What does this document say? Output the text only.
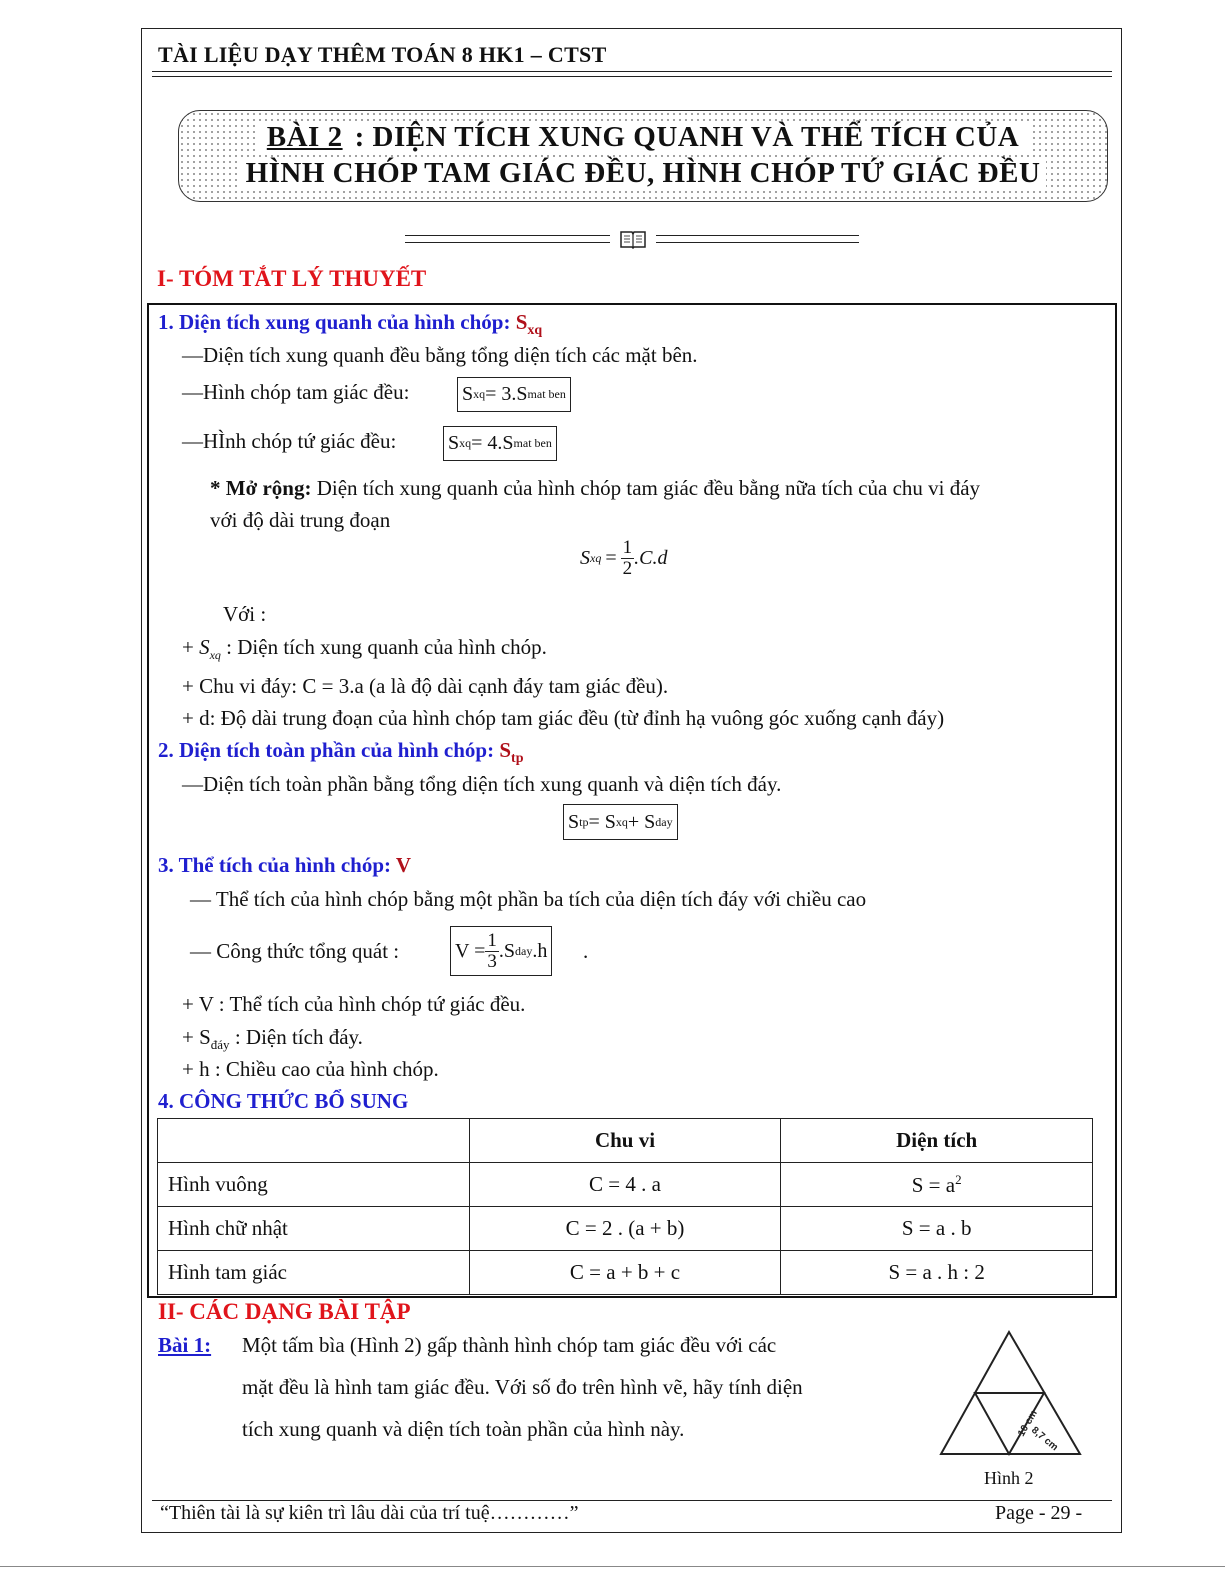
TÀI LIỆU DẠY THÊM TOÁN 8 HK1 – CTST
BÀI 2 : DIỆN TÍCH XUNG QUANH VÀ THỂ TÍCH CỦA
HÌNH CHÓP TAM GIÁC ĐỀU, HÌNH CHÓP TỨ GIÁC ĐỀU
I- TÓM TẮT LÝ THUYẾT
1. Diện tích xung quanh của hình chóp: $S_{xq}$
—Diện tích xung quanh đều bằng tổng diện tích các mặt bên.
—Hình chóp tam giác đều:	S xq = 3.S mat ben
—HÌnh chóp tứ giác đều:	S xq = 4.S mat ben
* Mở rộng: Diện tích xung quanh của hình chóp tam giác đều bằng nữa tích của chu vi đáy
với độ dài trung đoạn
S xq = $\frac{1}{2} .C.d$
Với :
+ $S_{xq}$ : Diện tích xung quanh của hình chóp.
+ Chu vi đáy: C = 3.a (a là độ dài cạnh đáy tam giác đều).
+ d: Độ dài trung đoạn của hình chóp tam giác đều (từ đỉnh hạ vuông góc xuống cạnh đáy)
2. Diện tích toàn phần của hình chóp: $S_{tp}$
—Diện tích toàn phần bằng tổng diện tích xung quanh và diện tích đáy.
S tp = S xq + S day
3. Thể tích của hình chóp: V
— Thể tích của hình chóp bằng một phần ba tích của diện tích đáy với chiều cao
— Công thức tổng quát :	$V = \frac{1}{3} .S$ day .h .
+ V : Thể tích của hình chóp tứ giác đều.
+ $S_{đáy}$ : Diện tích đáy.
+ h : Chiều cao của hình chóp.
4. CÔNG THỨC BỔ SUNG
	Chu vi	Diện tích
Hình vuông	C = 4 . a	$S = a^2$
Hình chữ nhật	C = 2 . (a + b)	S = a . b
Hình tam giác	C = a + b + c	S = a . h : 2
II- CÁC DẠNG BÀI TẬP
Bài 1: Một tấm bìa (Hình 2) gấp thành hình chóp tam giác đều với các
mặt đều là hình tam giác đều. Với số đo trên hình vẽ, hãy tính diện
tích xung quanh và diện tích toàn phần của hình này.	10 cm
8,7 cm
Hình 2
“Thiên tài là sự kiên trì lâu dài của trí tuệ…………”	Page - 29 -
